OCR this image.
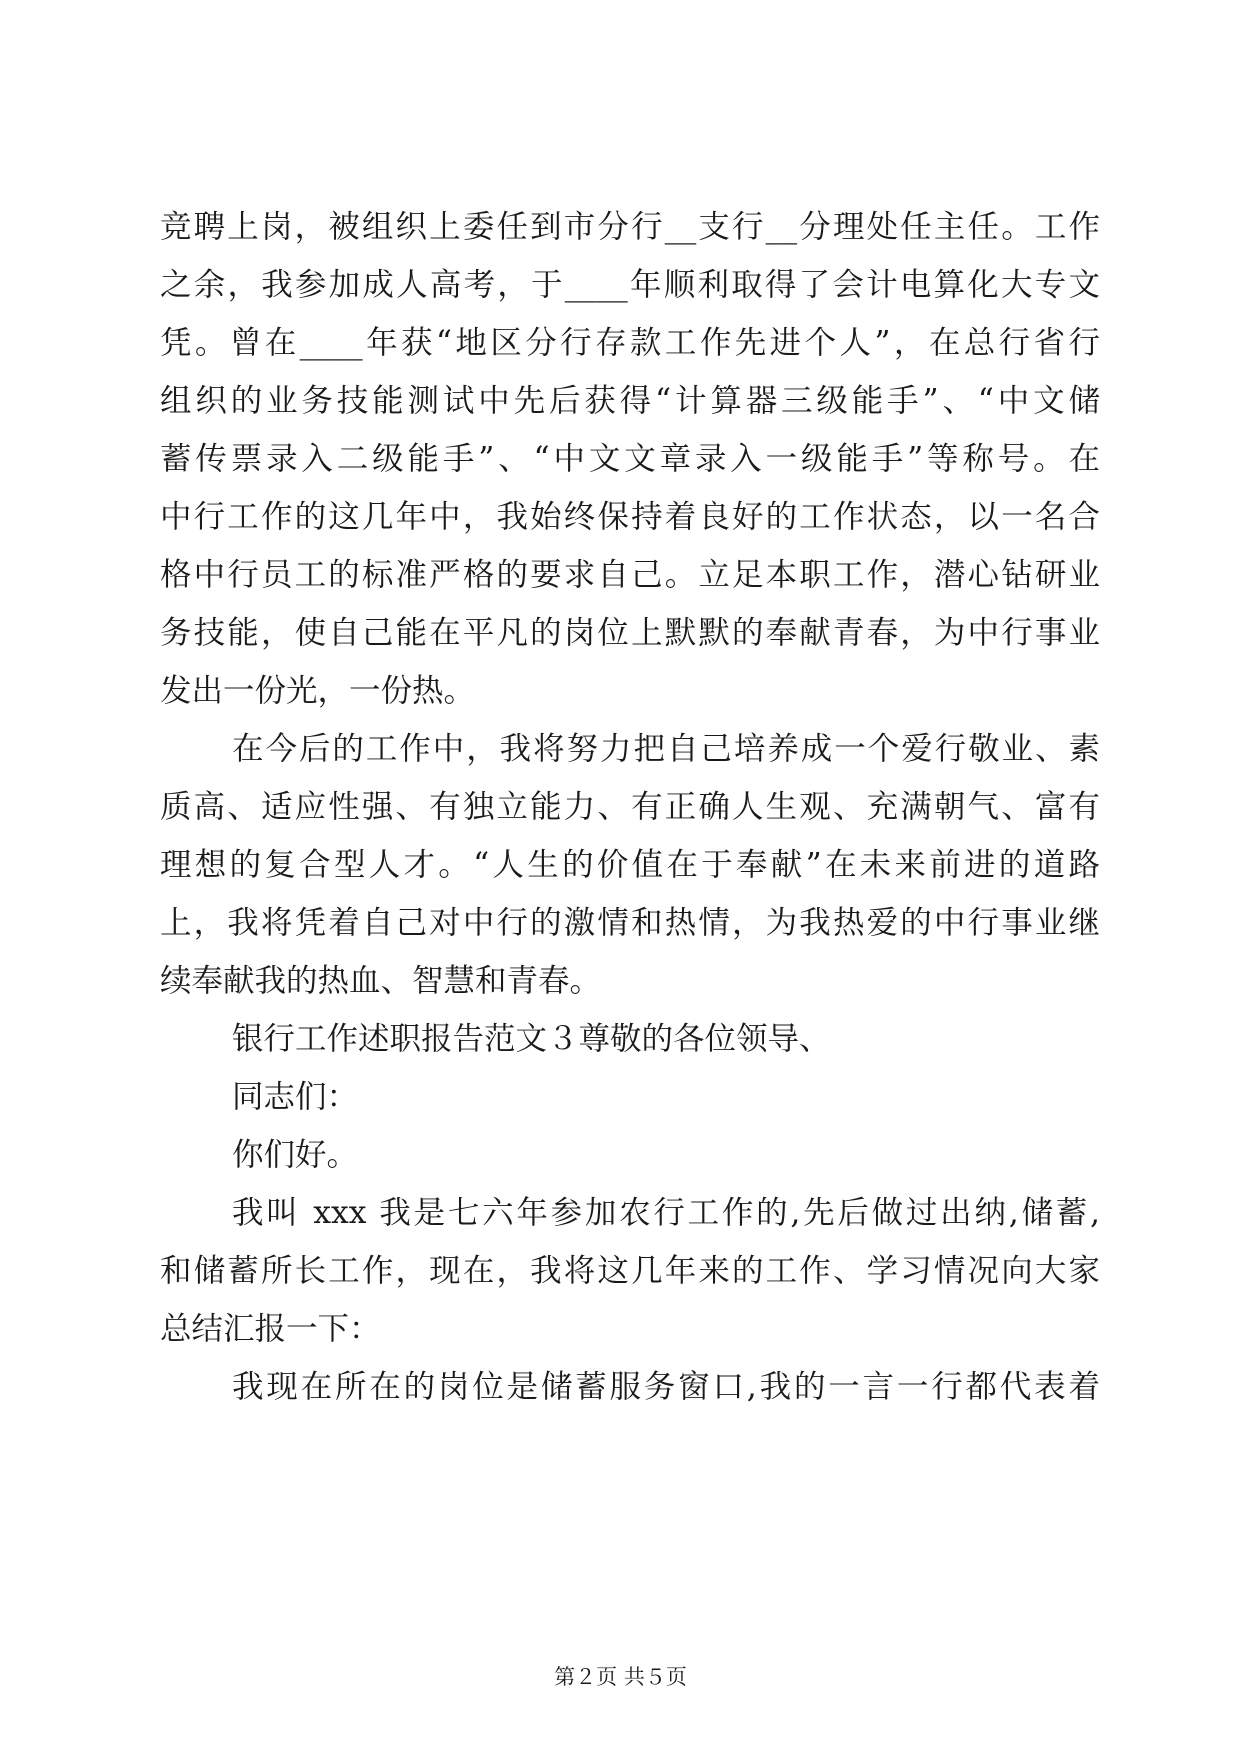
竞聘上岗，被组织上委任到市分行__支行__分理处任主任。工作
之余，我参加成人高考，于____年顺利取得了会计电算化大专文
凭。曾在____年获“地区分行存款工作先进个人”，在总行省行
组织的业务技能测试中先后获得“计算器三级能手”、“中文储
蓄传票录入二级能手”、“中文文章录入一级能手”等称号。在
中行工作的这几年中，我始终保持着良好的工作状态，以一名合
格中行员工的标准严格的要求自己。立足本职工作，潜心钻研业
务技能，使自己能在平凡的岗位上默默的奉献青春，为中行事业
发出一份光，一份热。
在今后的工作中，我将努力把自己培养成一个爱行敬业、素
质高、适应性强、有独立能力、有正确人生观、充满朝气、富有
理想的复合型人才。“人生的价值在于奉献”在未来前进的道路
上，我将凭着自己对中行的激情和热情，为我热爱的中行事业继
续奉献我的热血、智慧和青春。
银行工作述职报告范文３尊敬的各位领导、
同志们：
你们好。
我叫 xxx 我是七六年参加农行工作的,先后做过出纳,储蓄,
和储蓄所长工作，现在，我将这几年来的工作、学习情况向大家
总结汇报一下：
我现在所在的岗位是储蓄服务窗口,我的一言一行都代表着
第２页 共５页
